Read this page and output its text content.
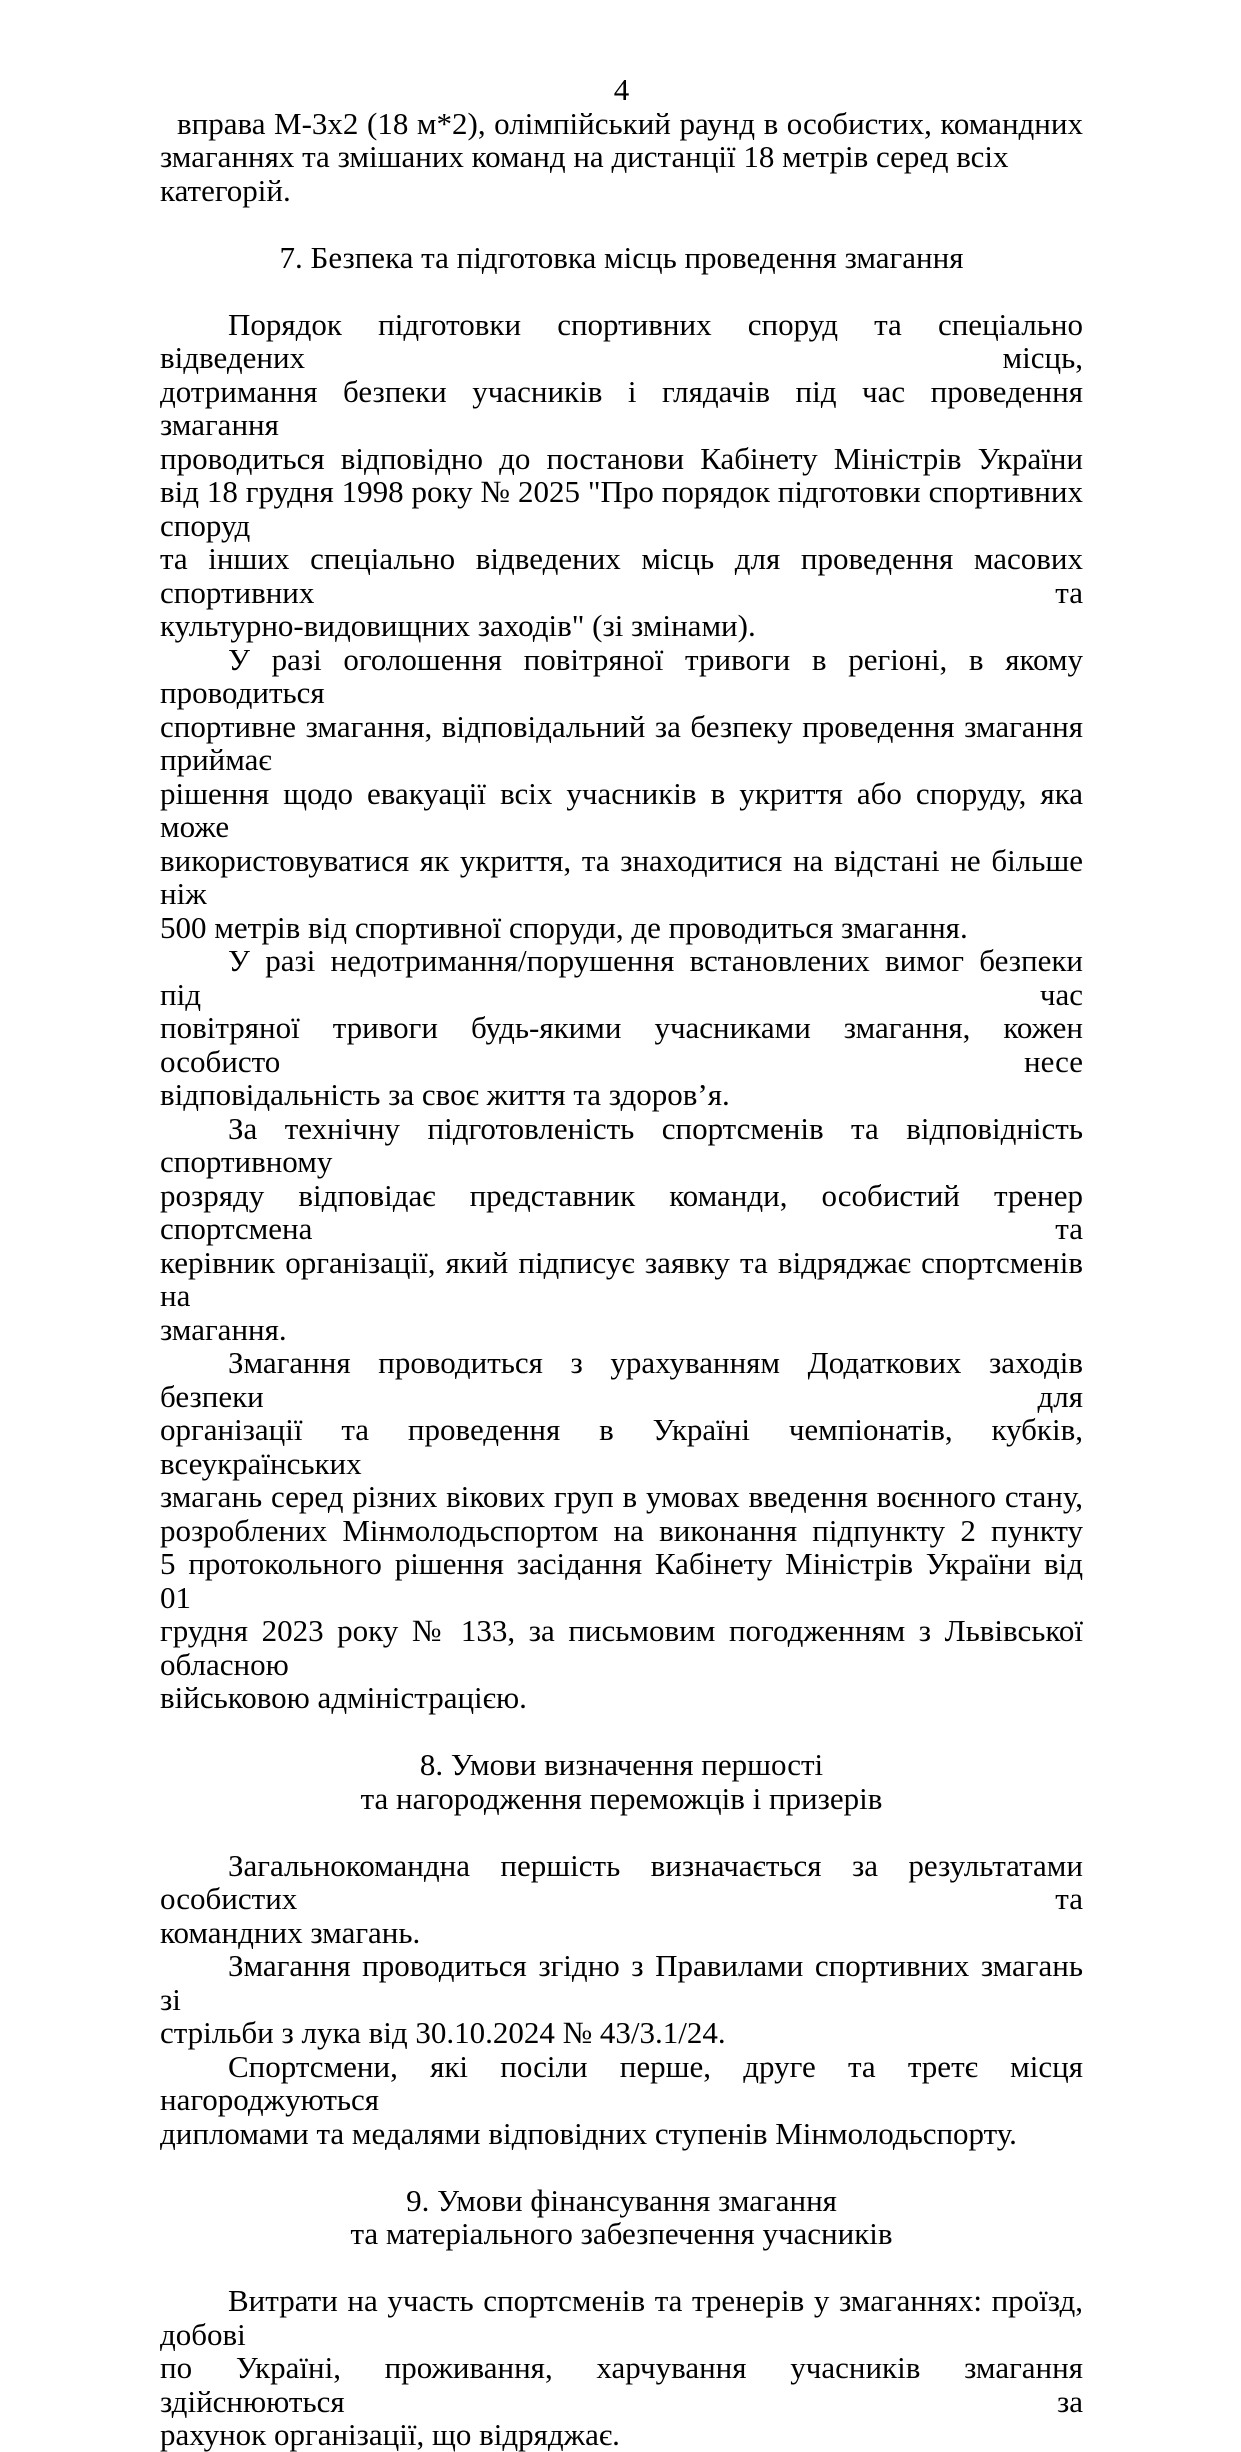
4
вправа М-3х2 (18 м*2), олімпійський раунд в особистих, командних
змаганнях та змішаних команд на дистанції 18 метрів серед всіх категорій.
7. Безпека та підготовка місць проведення змагання
Порядок підготовки спортивних споруд та спеціально відведених місць,
дотримання безпеки учасників і глядачів під час проведення змагання
проводиться відповідно до постанови Кабінету Міністрів України
від 18 грудня 1998 року № 2025 "Про порядок підготовки спортивних споруд
та інших спеціально відведених місць для проведення масових спортивних та
культурно-видовищних заходів" (зі змінами).
У разі оголошення повітряної тривоги в регіоні, в якому проводиться
спортивне змагання, відповідальний за безпеку проведення змагання приймає
рішення щодо евакуації всіх учасників в укриття або споруду, яка може
використовуватися як укриття, та знаходитися на відстані не більше ніж
500 метрів від спортивної споруди, де проводиться змагання.
У разі недотримання/порушення встановлених вимог безпеки під час
повітряної тривоги будь-якими учасниками змагання, кожен особисто несе
відповідальність за своє життя та здоров’я.
За технічну підготовленість спортсменів та відповідність спортивному
розряду відповідає представник команди, особистий тренер спортсмена та
керівник організації, який підписує заявку та відряджає спортсменів на
змагання.
Змагання проводиться з урахуванням Додаткових заходів безпеки для
організації та проведення в Україні чемпіонатів, кубків, всеукраїнських
змагань серед різних вікових груп в умовах введення воєнного стану,
розроблених Мінмолодьспортом на виконання підпункту 2 пункту
5 протокольного рішення засідання Кабінету Міністрів України від 01
грудня 2023 року № 133, за письмовим погодженням з Львівської обласною
військовою адміністрацією.
8. Умови визначення першості
та нагородження переможців і призерів
Загальнокомандна першість визначається за результатами особистих та
командних змагань.
Змагання проводиться згідно з Правилами спортивних змагань зі
стрільби з лука від 30.10.2024 № 43/3.1/24.
Спортсмени, які посіли перше, друге та третє місця нагороджуються
дипломами та медалями відповідних ступенів Мінмолодьспорту.
9. Умови фінансування змагання
та матеріального забезпечення учасників
Витрати на участь спортсменів та тренерів у змаганнях: проїзд, добові
по Україні, проживання, харчування учасників змагання здійснюються за
рахунок організації, що відряджає.
